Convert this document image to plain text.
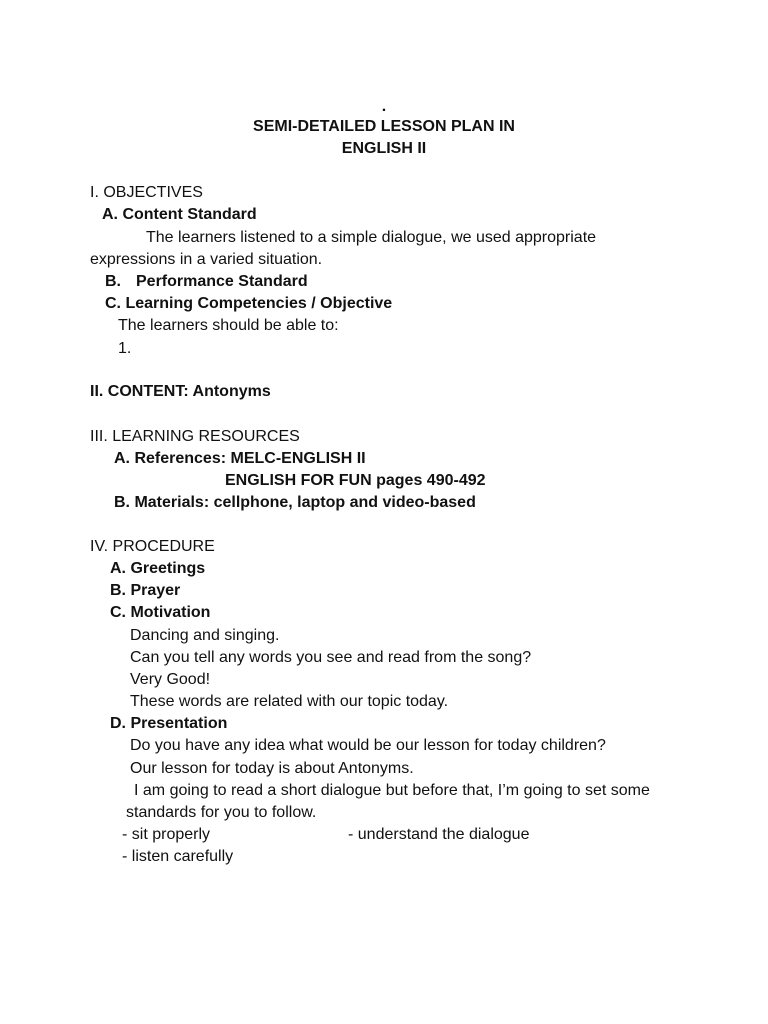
.
SEMI-DETAILED LESSON PLAN IN
ENGLISH II
I. OBJECTIVES
A. Content Standard
The learners listened to a simple dialogue, we used appropriate
expressions in a varied situation.
B. Performance Standard
C. Learning Competencies / Objective
The learners should be able to:
1.
II. CONTENT: Antonyms
III. LEARNING RESOURCES
A. References: MELC-ENGLISH II
ENGLISH FOR FUN pages 490-492
B. Materials: cellphone, laptop and video-based
IV. PROCEDURE
A. Greetings
B. Prayer
C. Motivation
Dancing and singing.
Can you tell any words you see and read from the song?
Very Good!
These words are related with our topic today.
D. Presentation
Do you have any idea what would be our lesson for today children?
Our lesson for today is about Antonyms.
I am going to read a short dialogue but before that, I’m going to set some
standards for you to follow.
- sit properly	- understand the dialogue
- listen carefully
